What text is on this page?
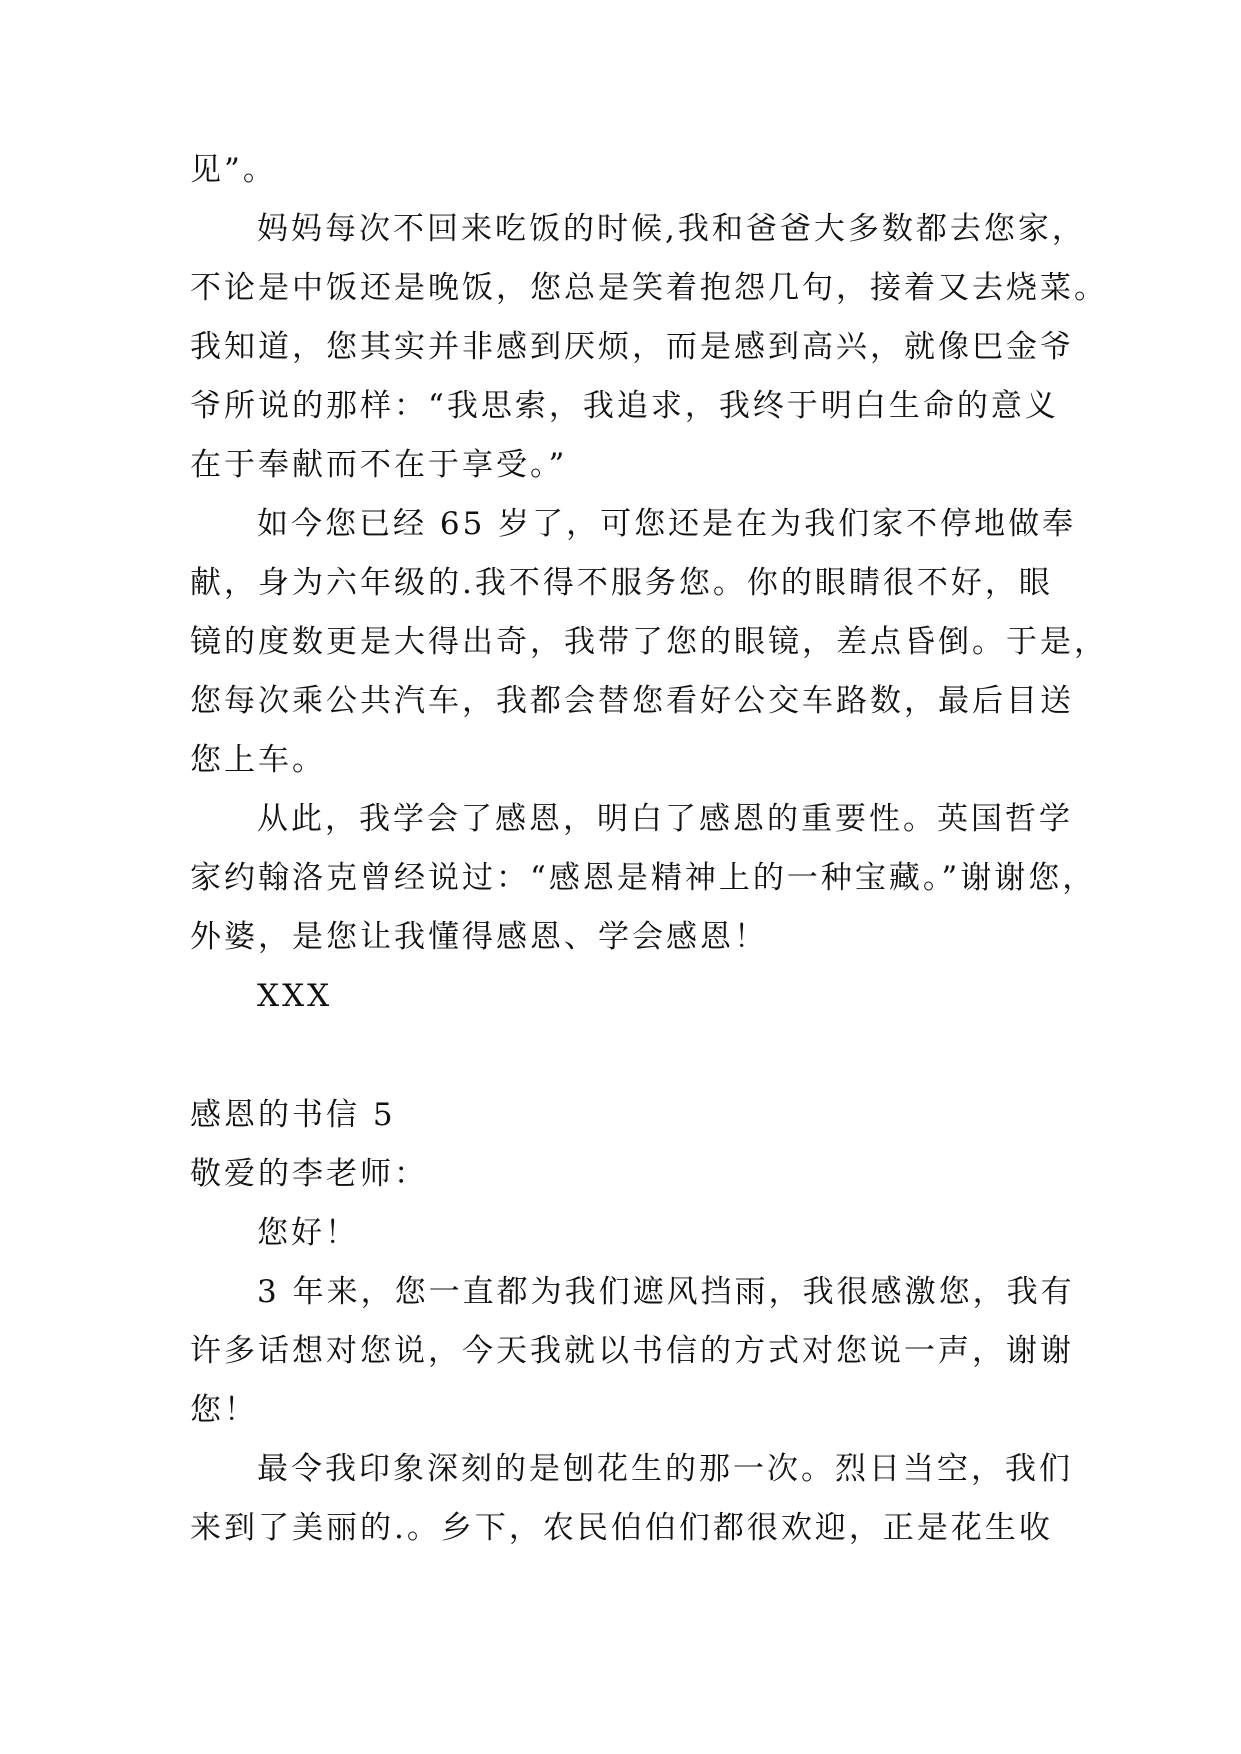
见”。
妈妈每次不回来吃饭的时候,我和爸爸大多数都去您家，
不论是中饭还是晚饭，您总是笑着抱怨几句，接着又去烧菜。
我知道，您其实并非感到厌烦，而是感到高兴，就像巴金爷
爷所说的那样：“我思索，我追求，我终于明白生命的意义
在于奉献而不在于享受。”
如今您已经 65 岁了，可您还是在为我们家不停地做奉
献，身为六年级的.我不得不服务您。你的眼睛很不好，眼
镜的度数更是大得出奇，我带了您的眼镜，差点昏倒。于是，
您每次乘公共汽车，我都会替您看好公交车路数，最后目送
您上车。
从此，我学会了感恩，明白了感恩的重要性。英国哲学
家约翰洛克曾经说过：“感恩是精神上的一种宝藏。”谢谢您，
外婆，是您让我懂得感恩、学会感恩！
XXX
感恩的书信 5
敬爱的李老师：
您好！
3 年来，您一直都为我们遮风挡雨，我很感激您，我有
许多话想对您说，今天我就以书信的方式对您说一声，谢谢
您！
最令我印象深刻的是刨花生的那一次。烈日当空，我们
来到了美丽的.。乡下，农民伯伯们都很欢迎，正是花生收
